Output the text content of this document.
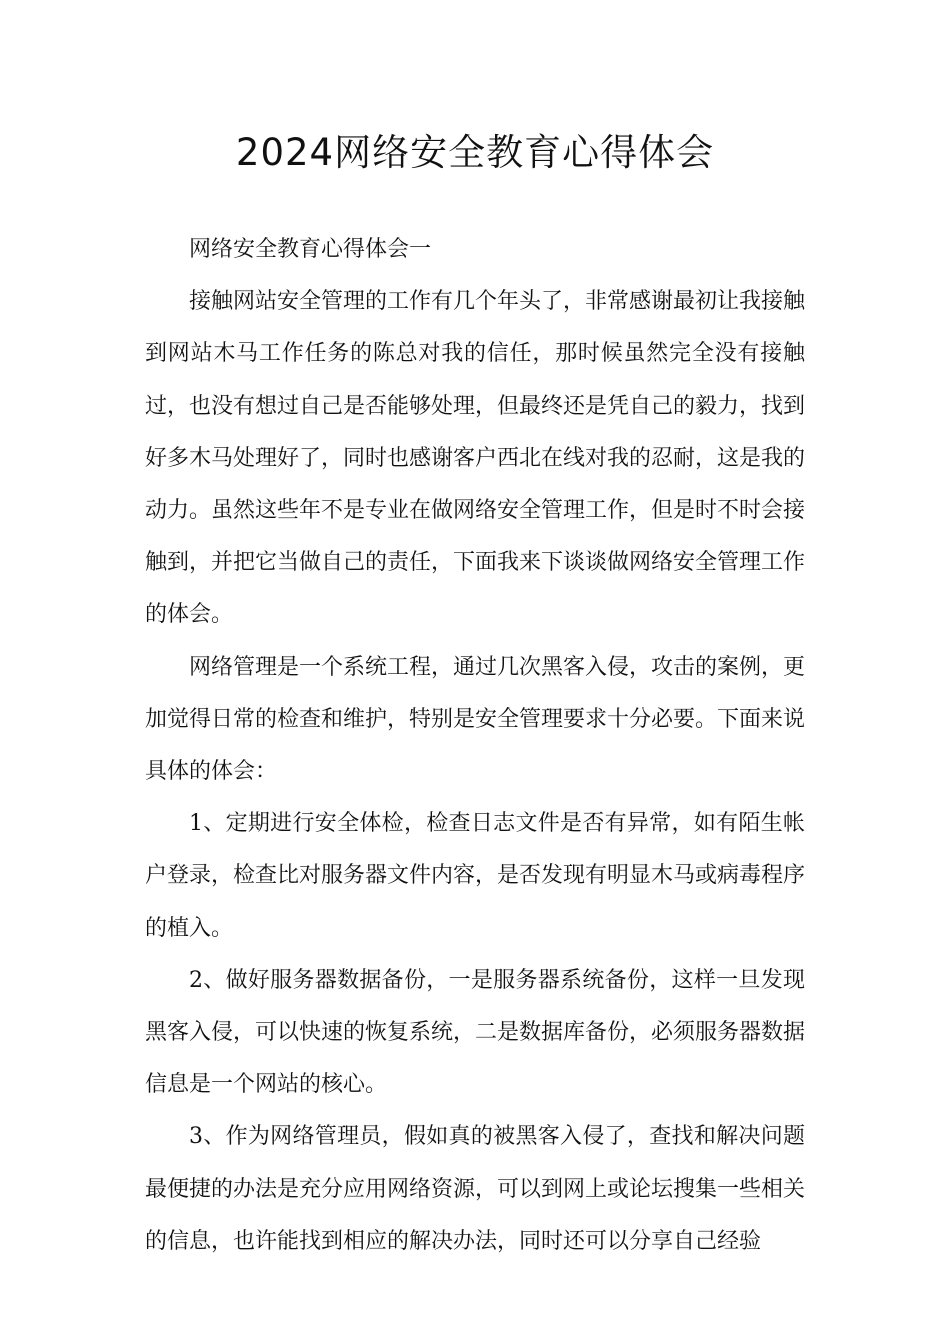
2024网络安全教育心得体会

网络安全教育心得体会一

接触网站安全管理的工作有几个年头了，非常感谢最初让我接触到网站木马工作任务的陈总对我的信任，那时候虽然完全没有接触过，也没有想过自己是否能够处理，但最终还是凭自己的毅力，找到好多木马处理好了，同时也感谢客户西北在线对我的忍耐，这是我的动力。虽然这些年不是专业在做网络安全管理工作，但是时不时会接触到，并把它当做自己的责任，下面我来下谈谈做网络安全管理工作的体会。

网络管理是一个系统工程，通过几次黑客入侵，攻击的案例，更加觉得日常的检查和维护，特别是安全管理要求十分必要。下面来说具体的体会：

1、定期进行安全体检，检查日志文件是否有异常，如有陌生帐户登录，检查比对服务器文件内容，是否发现有明显木马或病毒程序的植入。

2、做好服务器数据备份，一是服务器系统备份，这样一旦发现黑客入侵，可以快速的恢复系统，二是数据库备份，必须服务器数据信息是一个网站的核心。

3、作为网络管理员，假如真的被黑客入侵了，查找和解决问题最便捷的办法是充分应用网络资源，可以到网上或论坛搜集一些相关的信息，也许能找到相应的解决办法，同时还可以分享自己经验
